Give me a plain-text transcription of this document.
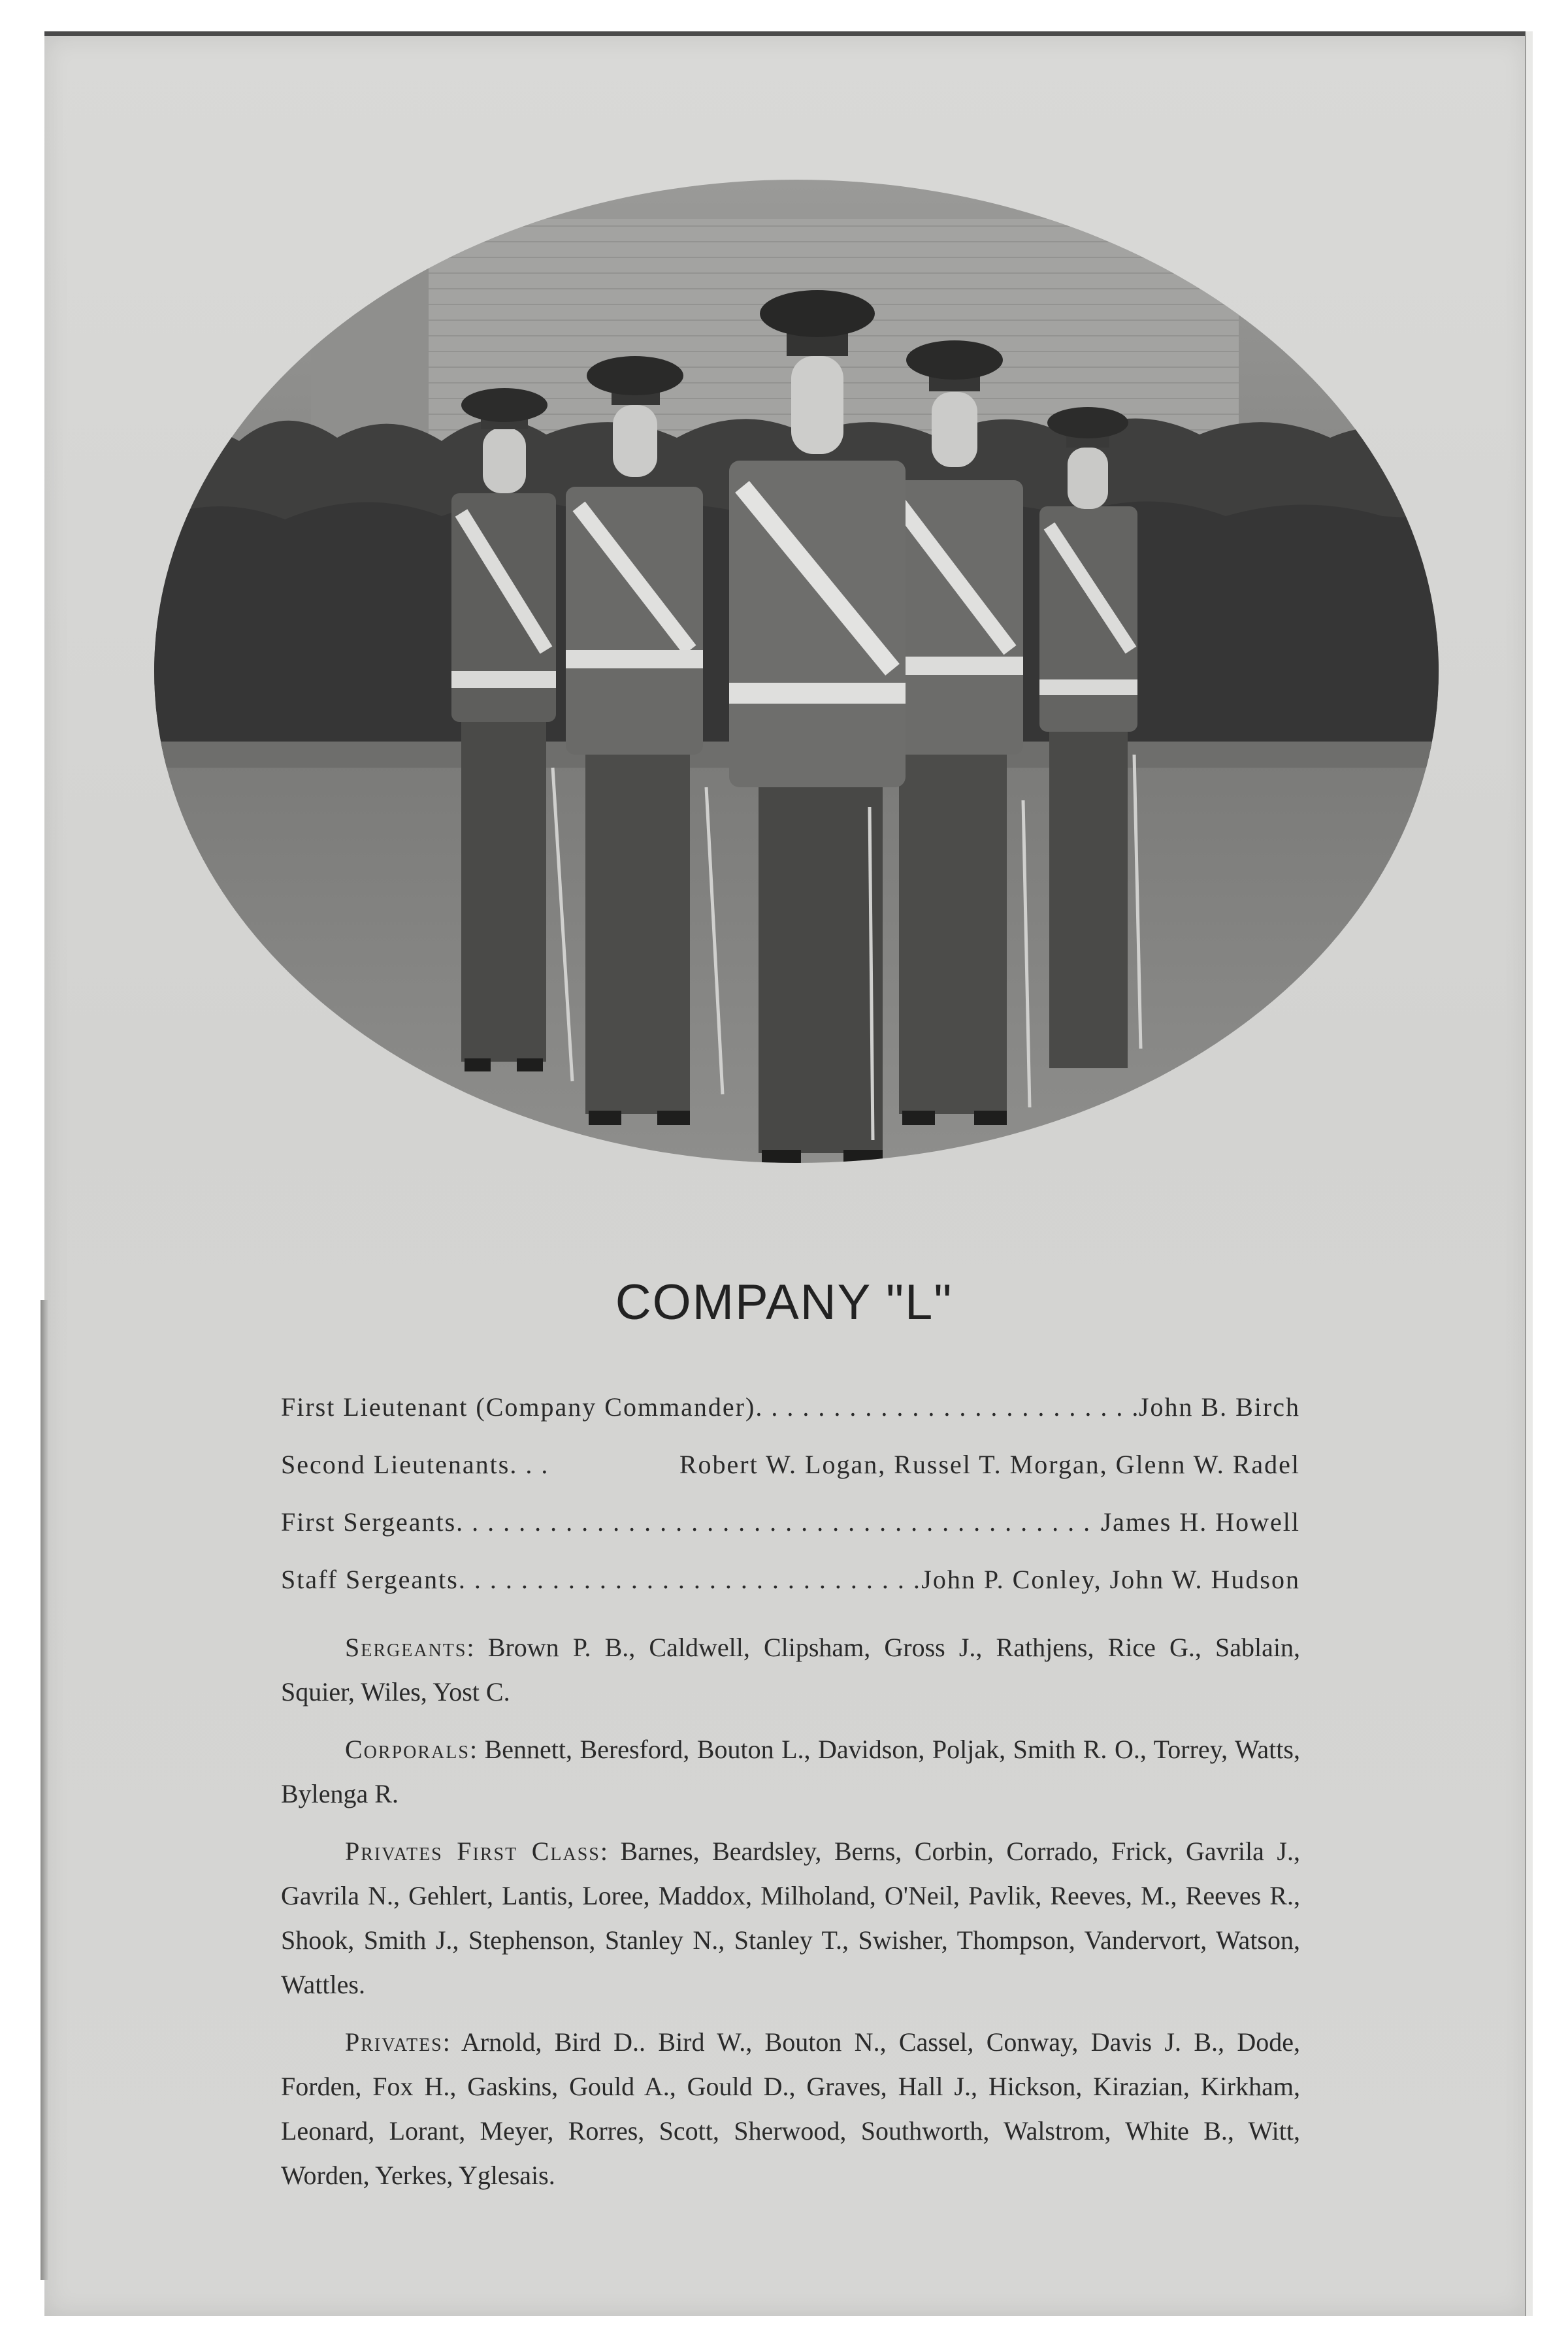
COMPANY "L"
First Lieutenant (Company Commander) . . .	John B. Birch
Second Lieutenants. . .	Robert W. Logan, Russel T. Morgan, Glenn W. Radel
First Sergeants . . .	James H. Howell
Staff Sergeants . . .	John P. Conley, John W. Hudson
Sergeants: Brown P. B., Caldwell, Clipsham, Gross J., Rathjens, Rice G., Sablain, Squier, Wiles, Yost C.
Corporals: Bennett, Beresford, Bouton L., Davidson, Poljak, Smith R. O., Torrey, Watts, Bylenga R.
Privates First Class: Barnes, Beardsley, Berns, Corbin, Corrado, Frick, Gavrila J., Gavrila N., Gehlert, Lantis, Loree, Maddox, Milholand, O'Neil, Pavlik, Reeves, M., Reeves R., Shook, Smith J., Stephenson, Stanley N., Stanley T., Swisher, Thompson, Vandervort, Watson, Wattles.
Privates: Arnold, Bird D.. Bird W., Bouton N., Cassel, Conway, Davis J. B., Dode, Forden, Fox H., Gaskins, Gould A., Gould D., Graves, Hall J., Hickson, Kirazian, Kirkham, Leonard, Lorant, Meyer, Rorres, Scott, Sherwood, Southworth, Walstrom, White B., Witt, Worden, Yerkes, Yglesais.
